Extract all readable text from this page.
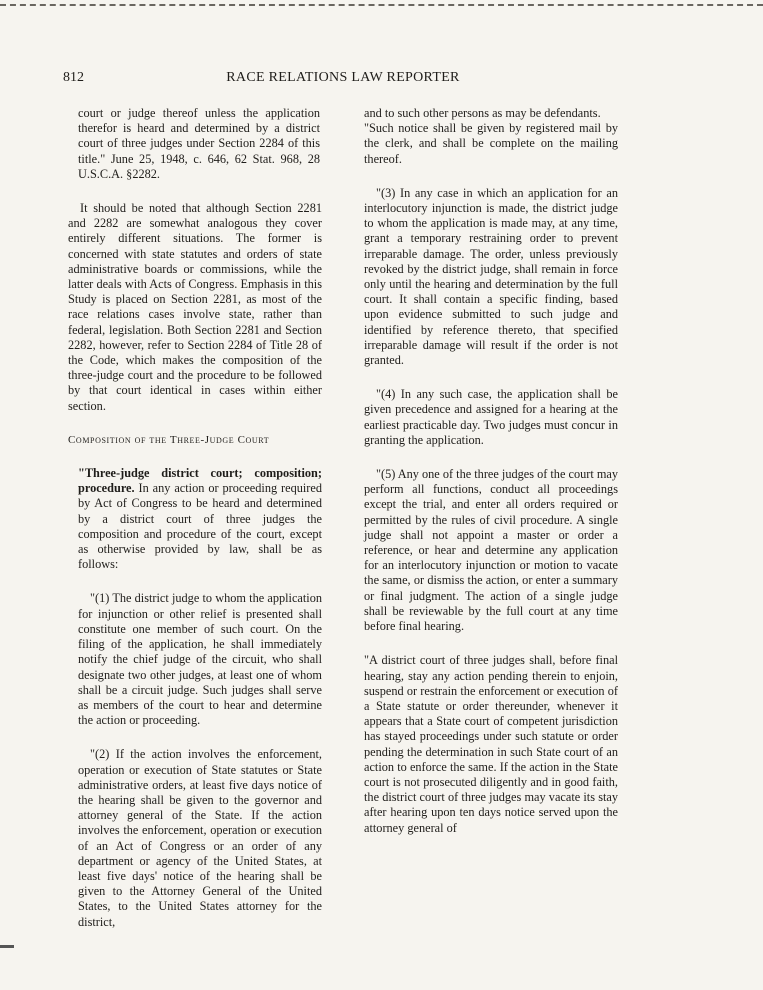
812	RACE RELATIONS LAW REPORTER

court or judge thereof unless the application therefor is heard and determined by a district court of three judges under Section 2284 of this title." June 25, 1948, c. 646, 62 Stat. 968, 28 U.S.C.A. §2282.

It should be noted that although Section 2281 and 2282 are somewhat analogous they cover entirely different situations. The former is concerned with state statutes and orders of state administrative boards or commissions, while the latter deals with Acts of Congress. Emphasis in this Study is placed on Section 2281, as most of the race relations cases involve state, rather than federal, legislation. Both Section 2281 and Section 2282, however, refer to Section 2284 of Title 28 of the Code, which makes the composition of the three-judge court and the procedure to be followed by that court identical in cases within either section.

Composition of the Three-Judge Court

"Three-judge district court; composition; procedure. In any action or proceeding required by Act of Congress to be heard and determined by a district court of three judges the composition and procedure of the court, except as otherwise provided by law, shall be as follows:

"(1) The district judge to whom the application for injunction or other relief is presented shall constitute one member of such court. On the filing of the application, he shall immediately notify the chief judge of the circuit, who shall designate two other judges, at least one of whom shall be a circuit judge. Such judges shall serve as members of the court to hear and determine the action or proceeding.

"(2) If the action involves the enforcement, operation or execution of State statutes or State administrative orders, at least five days notice of the hearing shall be given to the governor and attorney general of the State. If the action involves the enforcement, operation or execution of an Act of Congress or an order of any department or agency of the United States, at least five days' notice of the hearing shall be given to the Attorney General of the United States, to the United States attorney for the district,

and to such other persons as may be defendants.

"Such notice shall be given by registered mail by the clerk, and shall be complete on the mailing thereof.

"(3) In any case in which an application for an interlocutory injunction is made, the district judge to whom the application is made may, at any time, grant a temporary restraining order to prevent irreparable damage. The order, unless previously revoked by the district judge, shall remain in force only until the hearing and determination by the full court. It shall contain a specific finding, based upon evidence submitted to such judge and identified by reference thereto, that specified irreparable damage will result if the order is not granted.

"(4) In any such case, the application shall be given precedence and assigned for a hearing at the earliest practicable day. Two judges must concur in granting the application.

"(5) Any one of the three judges of the court may perform all functions, conduct all proceedings except the trial, and enter all orders required or permitted by the rules of civil procedure. A single judge shall not appoint a master or order a reference, or hear and determine any application for an interlocutory injunction or motion to vacate the same, or dismiss the action, or enter a summary or final judgment. The action of a single judge shall be reviewable by the full court at any time before final hearing.

"A district court of three judges shall, before final hearing, stay any action pending therein to enjoin, suspend or restrain the enforcement or execution of a State statute or order thereunder, whenever it appears that a State court of competent jurisdiction has stayed proceedings under such statute or order pending the determination in such State court of an action to enforce the same. If the action in the State court is not prosecuted diligently and in good faith, the district court of three judges may vacate its stay after hearing upon ten days notice served upon the attorney general of
